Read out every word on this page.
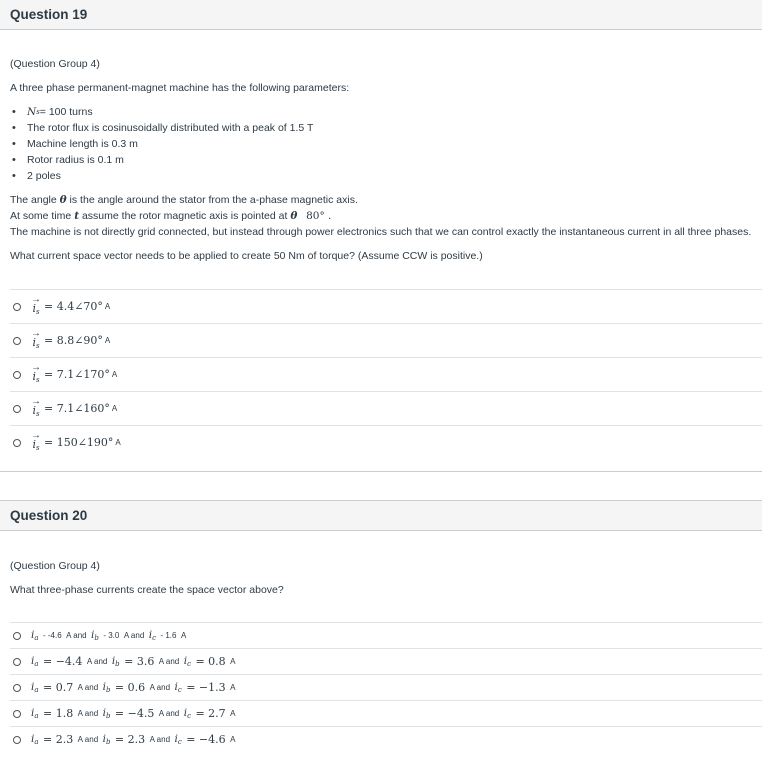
Question 19
(Question Group 4)
A three phase permanent-magnet machine has the following parameters:
•	N s = 100 turns
•	The rotor flux is cosinusoidally distributed with a peak of 1.5 T
•	Machine length is 0.3 m
•	Rotor radius is 0.1 m
•	2 poles
The angle θ is the angle around the stator from the a-phase magnetic axis.
At some time t assume the rotor magnetic axis is pointed at θ 80° .
The machine is not directly grid connected, but instead through power electronics such that we can control exactly the instantaneous current in all three phases.
What current space vector needs to be applied to create 50 Nm of torque? (Assume CCW is positive.)
→
$i_s$ = 4.4∠70° A
→
$i_s$ = 8.8∠90° A
→
$i_s$ = 7.1∠170° A
→
$i_s$ = 7.1∠160° A
→
$i_s$ = 150∠190° A
Question 20
(Question Group 4)
What three-phase currents create the space vector above?
$i_a$
- -4.6
A and
$i_b$
- 3.0
A and
$i_c$
- 1.6
A
$i_a$
= −4.4
A and
$i_b$
= 3.6
A and
$i_c$
= 0.8
A
$i_a$
= 0.7
A and
$i_b$
= 0.6
A and
$i_c$
= −1.3
A
$i_a$
= 1.8
A and
$i_b$
= −4.5
A and
$i_c$
= 2.7
A
$i_a$
= 2.3
A and
$i_b$
= 2.3
A and
$i_c$
= −4.6
A
